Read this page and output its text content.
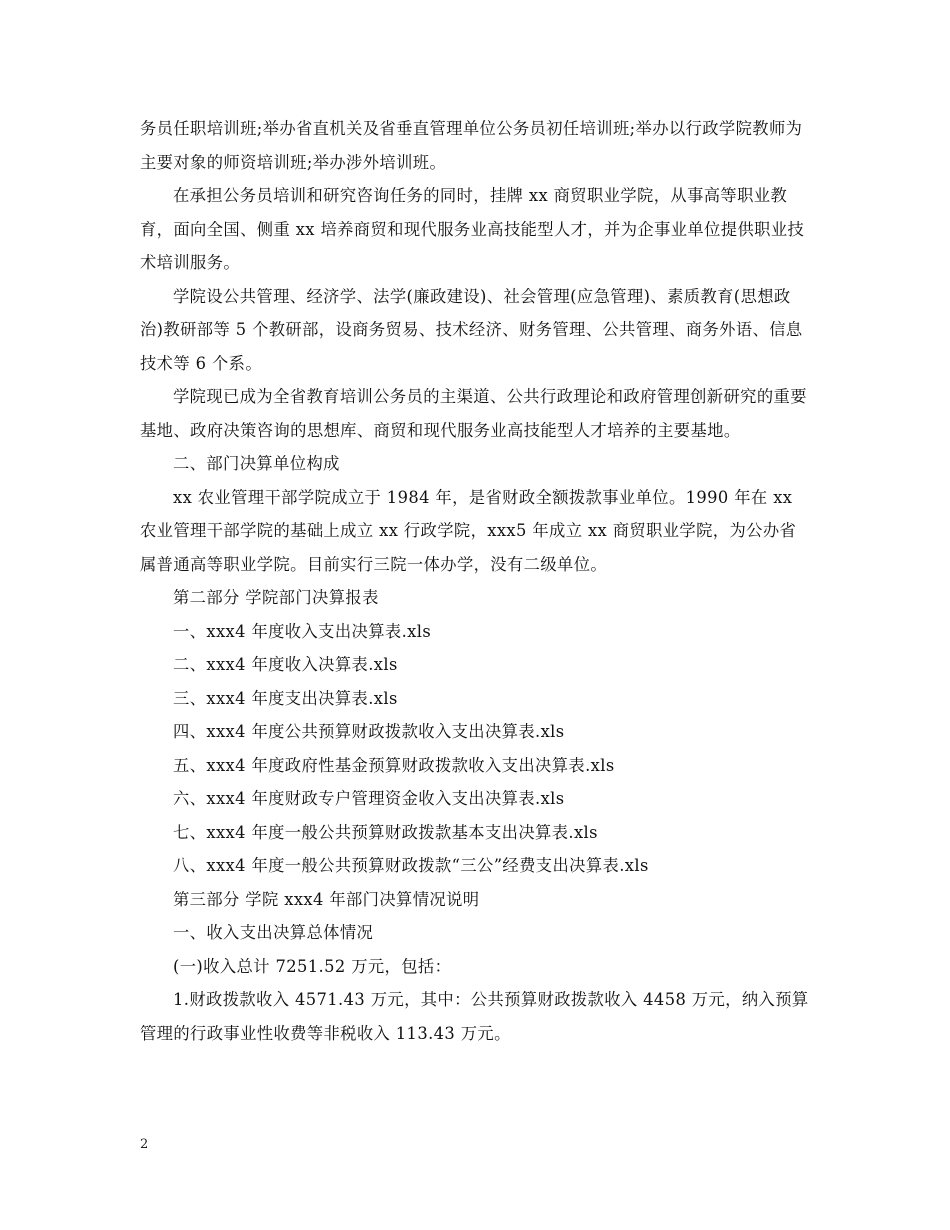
务员任职培训班;举办省直机关及省垂直管理单位公务员初任培训班;举办以行政学院教师为主要对象的师资培训班;举办涉外培训班。

在承担公务员培训和研究咨询任务的同时，挂牌 xx 商贸职业学院，从事高等职业教育，面向全国、侧重 xx 培养商贸和现代服务业高技能型人才，并为企事业单位提供职业技术培训服务。

学院设公共管理、经济学、法学(廉政建设)、社会管理(应急管理)、素质教育(思想政治)教研部等 5 个教研部，设商务贸易、技术经济、财务管理、公共管理、商务外语、信息技术等 6 个系。

学院现已成为全省教育培训公务员的主渠道、公共行政理论和政府管理创新研究的重要基地、政府决策咨询的思想库、商贸和现代服务业高技能型人才培养的主要基地。

二、部门决算单位构成

xx 农业管理干部学院成立于 1984 年，是省财政全额拨款事业单位。1990 年在 xx 农业管理干部学院的基础上成立 xx 行政学院，xxx5 年成立 xx 商贸职业学院，为公办省属普通高等职业学院。目前实行三院一体办学，没有二级单位。

第二部分 学院部门决算报表

一、xxx4 年度收入支出决算表.xls

二、xxx4 年度收入决算表.xls

三、xxx4 年度支出决算表.xls

四、xxx4 年度公共预算财政拨款收入支出决算表.xls

五、xxx4 年度政府性基金预算财政拨款收入支出决算表.xls

六、xxx4 年度财政专户管理资金收入支出决算表.xls

七、xxx4 年度一般公共预算财政拨款基本支出决算表.xls

八、xxx4 年度一般公共预算财政拨款“三公”经费支出决算表.xls

第三部分 学院 xxx4 年部门决算情况说明

一、收入支出决算总体情况

(一)收入总计 7251.52 万元，包括：

1.财政拨款收入 4571.43 万元，其中：公共预算财政拨款收入 4458 万元，纳入预算管理的行政事业性收费等非税收入 113.43 万元。

2
